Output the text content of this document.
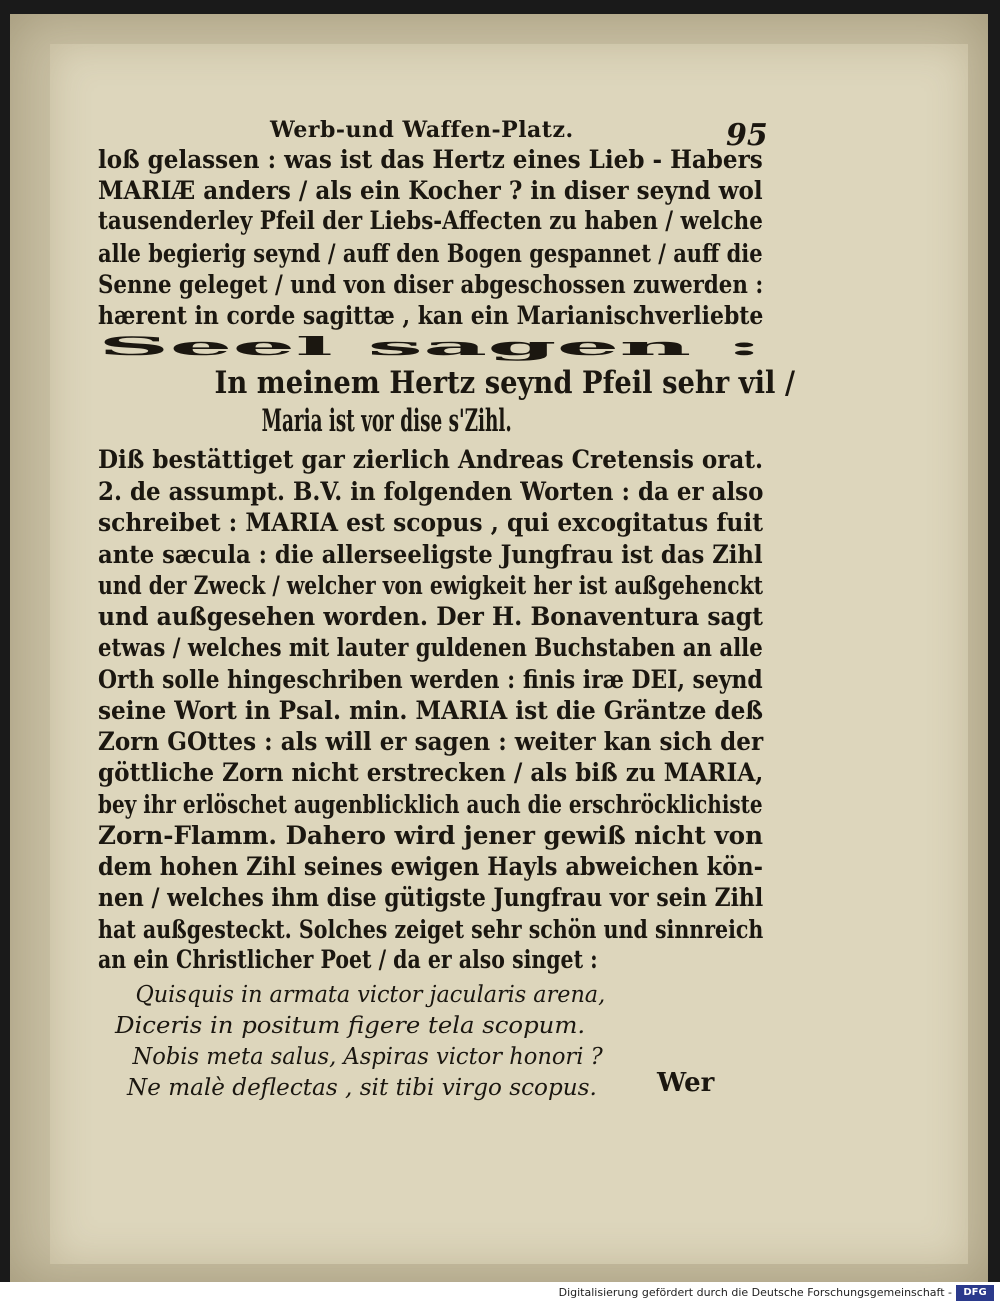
Werb-und Waffen-Platz.	95
loß gelassen : was ist das Hertz eines Lieb - Habers
MARIÆ anders / als ein Kocher ? in diser seynd wol
tausenderley Pfeil der Liebs-Affecten zu haben / welche
alle begierig seynd / auff den Bogen gespannet / auff die
Senne geleget / und von diser abgeschossen zuwerden :
hærent in corde sagittæ , kan ein Marianischverliebte
Seel sagen :
In meinem Hertz seynd Pfeil sehr vil /
Maria ist vor dise s'Zihl.
Diß bestättiget gar zierlich Andreas Cretensis orat.
2. de assumpt. B.V. in folgenden Worten : da er also
schreibet : MARIA est scopus , qui excogitatus fuit
ante sæcula : die allerseeligste Jungfrau ist das Zihl
und der Zweck / welcher von ewigkeit her ist außgehenckt
und außgesehen worden. Der H. Bonaventura sagt
etwas / welches mit lauter guldenen Buchstaben an alle
Orth solle hingeschriben werden : finis iræ DEI, seynd
seine Wort in Psal. min. MARIA ist die Gräntze deß
Zorn GOttes : als will er sagen : weiter kan sich der
göttliche Zorn nicht erstrecken / als biß zu MARIA,
bey ihr erlöschet augenblicklich auch die erschröcklichiste
Zorn-Flamm. Dahero wird jener gewiß nicht von
dem hohen Zihl seines ewigen Hayls abweichen kön-
nen / welches ihm dise gütigste Jungfrau vor sein Zihl
hat außgesteckt. Solches zeiget sehr schön und sinnreich
an ein Christlicher Poet / da er also singet :
Quisquis in armata victor jacularis arena,
Diceris in positum figere tela scopum.
Nobis meta salus, Aspiras victor honori ?
Ne malè deflectas , sit tibi virgo scopus. Wer
Digitalisierung gefördert durch die Deutsche Forschungsgemeinschaft -	DFG
